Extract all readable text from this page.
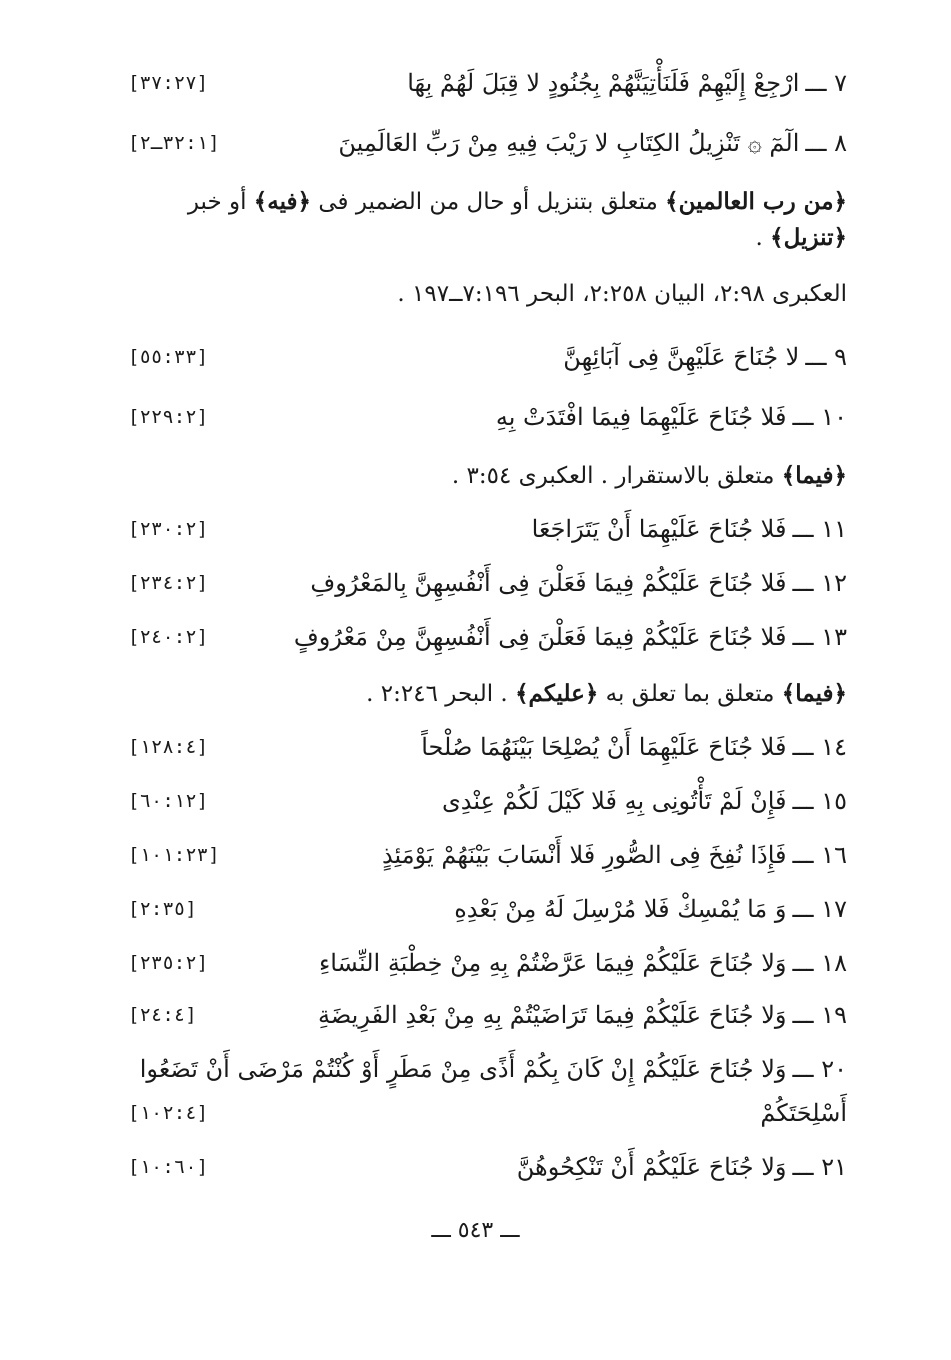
٧ ـــارْجِعْ إِلَيْهِمْ فَلَنَأْتِيَنَّهُمْ بِجُنُودٍ لا قِبَلَ لَهُمْ بِهَا
[٣٧:٢٧]
٨ ـــالٓمٓ ۞ تَنْزِيلُ الكِتَابِ لا رَيْبَ فِيهِ مِنْ رَبِّ العَالَمِينَ
[٣٢:١ـ٢]
﴿من رب العالمين﴾ متعلق بتنزيل أو حال من الضمير فى ﴿فيه﴾ أو خبر ﴿تنزيل﴾ .
العكبرى ٢:٩٨، البيان ٢:٢٥٨، البحر ٧:١٩٦ــ١٩٧ .
٩ ـــلا جُنَاحَ عَلَيْهِنَّ فِى آبَائِهِنَّ
[٥٥:٣٣]
١٠ ـــفَلا جُنَاحَ عَلَيْهِمَا فِيمَا افْتَدَتْ بِهِ
[٢٢٩:٢]
﴿فيما﴾ متعلق بالاستقرار . العكبرى ٣:٥٤ .
١١ ـــفَلا جُنَاحَ عَلَيْهِمَا أَنْ يَتَرَاجَعَا
[٢٣٠:٢]
١٢ ـــفَلا جُنَاحَ عَلَيْكُمْ فِيمَا فَعَلْنَ فِى أَنْفُسِهِنَّ بِالمَعْرُوفِ
[٢٣٤:٢]
١٣ ـــفَلا جُنَاحَ عَلَيْكُمْ فِيمَا فَعَلْنَ فِى أَنْفُسِهِنَّ مِنْ مَعْرُوفٍ
[٢٤٠:٢]
﴿فيما﴾ متعلق بما تعلق به ﴿عليكم﴾ . البحر ٢:٢٤٦ .
١٤ ـــفَلا جُنَاحَ عَلَيْهِمَا أَنْ يُصْلِحَا بَيْنَهُمَا صُلْحاً
[١٢٨:٤]
١٥ ـــفَإِنْ لَمْ تَأْتُونِى بِهِ فَلا كَيْلَ لَكُمْ عِنْدِى
[٦٠:١٢]
١٦ ـــفَإِذَا نُفِخَ فِى الصُّورِ فَلا أَنْسَابَ بَيْنَهُمْ يَوْمَئِذٍ
[١٠١:٢٣]
١٧ ـــوَ مَا يُمْسِكْ فَلا مُرْسِلَ لَهُ مِنْ بَعْدِهِ
[٢:٣٥]
١٨ ـــوَلا جُنَاحَ عَلَيْكُمْ فِيمَا عَرَّضْتُمْ بِهِ مِنْ خِطْبَةِ النِّسَاءِ
[٢٣٥:٢]
١٩ ـــوَلا جُنَاحَ عَلَيْكُمْ فِيمَا تَرَاضَيْتُمْ بِهِ مِنْ بَعْدِ الفَرِيضَةِ
[٢٤:٤]
٢٠ ـــوَلا جُنَاحَ عَلَيْكُمْ إِنْ كَانَ بِكُمْ أَذًى مِنْ مَطَرٍ أَوْ كُنْتُمْ مَرْضَى أَنْ تَضَعُوا
أَسْلِحَتَكُمْ
[١٠٢:٤]
٢١ ـــوَلا جُنَاحَ عَلَيْكُمْ أَنْ تَنْكِحُوهُنَّ
[١٠:٦٠]
ـــ ٥٤٣ ـــ
